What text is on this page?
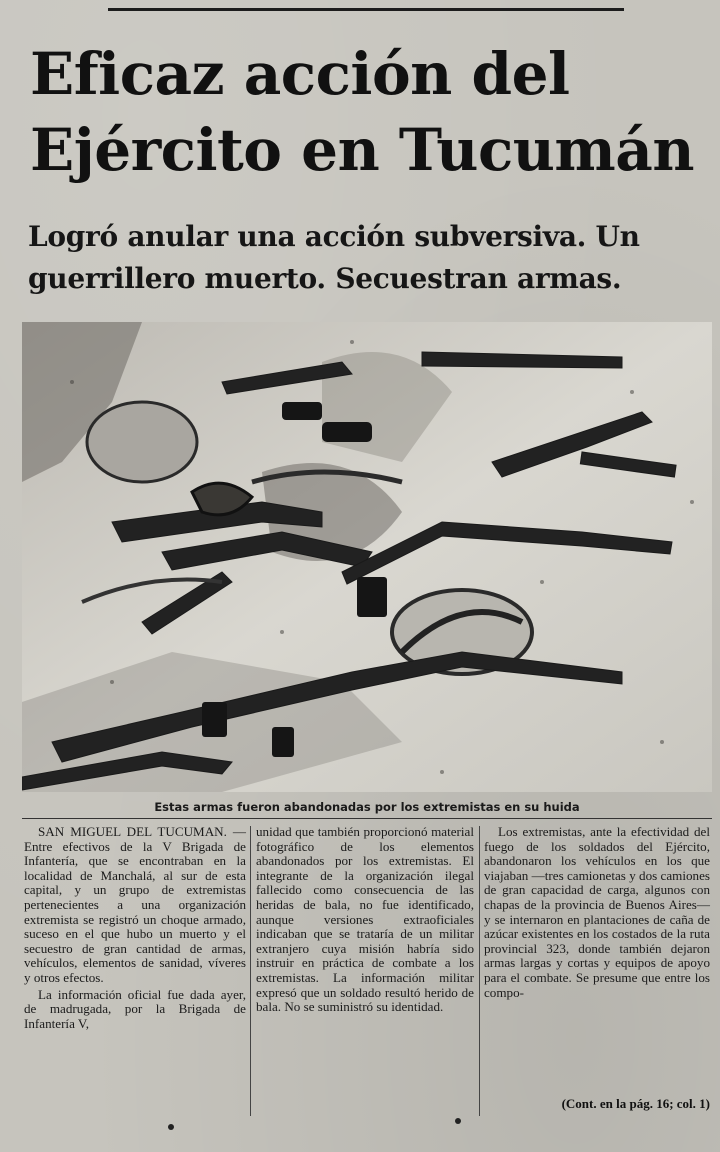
Eficaz acción del
Ejército en Tucumán
Logró anular una acción subversiva. Un
guerrillero muerto. Secuestran armas.
Estas armas fueron abandonadas por los extremistas en su huida

SAN MIGUEL DEL TUCUMAN. — Entre efectivos de la V Brigada de Infantería, que se encontraban en la localidad de Manchalá, al sur de esta capital, y un grupo de extremistas pertenecientes a una organización extremista se registró un choque armado, suceso en el que hubo un muerto y el secuestro de gran cantidad de armas, vehículos, elementos de sanidad, víveres y otros efectos.

La información oficial fue dada ayer, de madrugada, por la Brigada de Infantería V,

unidad que también proporcionó material fotográfico de los elementos abandonados por los extremistas. El integrante de la organización ilegal fallecido como consecuencia de las heridas de bala, no fue identificado, aunque versiones extraoficiales indicaban que se trataría de un militar extranjero cuya misión habría sido instruir en práctica de combate a los extremistas. La información militar expresó que un soldado resultó herido de bala. No se suministró su identidad.

Los extremistas, ante la efectividad del fuego de los soldados del Ejército, abandonaron los vehículos en los que viajaban —tres camionetas y dos camiones de gran capacidad de carga, algunos con chapas de la provincia de Buenos Aires— y se internaron en plantaciones de caña de azúcar existentes en los costados de la ruta provincial 323, donde también dejaron armas largas y cortas y equipos de apoyo para el combate. Se presume que entre los compo-

(Cont. en la pág. 16; col. 1)
